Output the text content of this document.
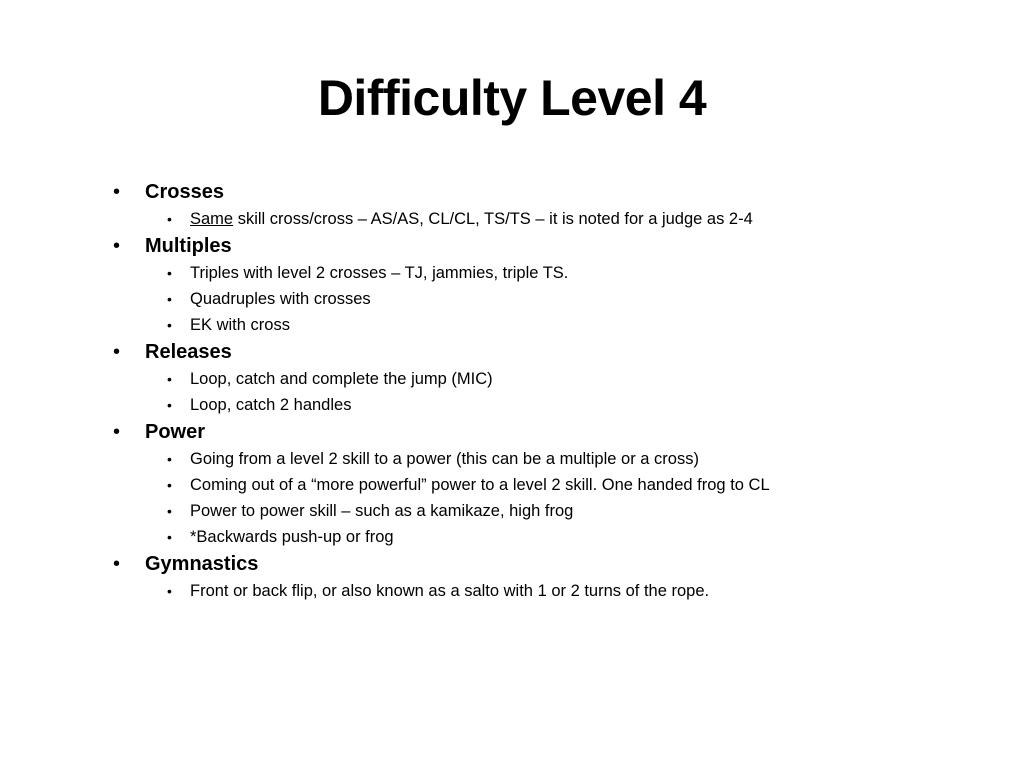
Difficulty Level 4
• Crosses
• Same skill cross/cross – AS/AS, CL/CL, TS/TS – it is noted for a judge as 2-4
• Multiples
• Triples with level 2 crosses – TJ, jammies, triple TS.
• Quadruples with crosses
• EK with cross
• Releases
• Loop, catch and complete the jump (MIC)
• Loop, catch 2 handles
• Power
• Going from a level 2 skill to a power (this can be a multiple or a cross)
• Coming out of a “more powerful” power to a level 2 skill. One handed frog to CL
• Power to power skill – such as a kamikaze, high frog
• *Backwards push-up or frog
• Gymnastics
• Front or back flip, or also known as a salto with 1 or 2 turns of the rope.
